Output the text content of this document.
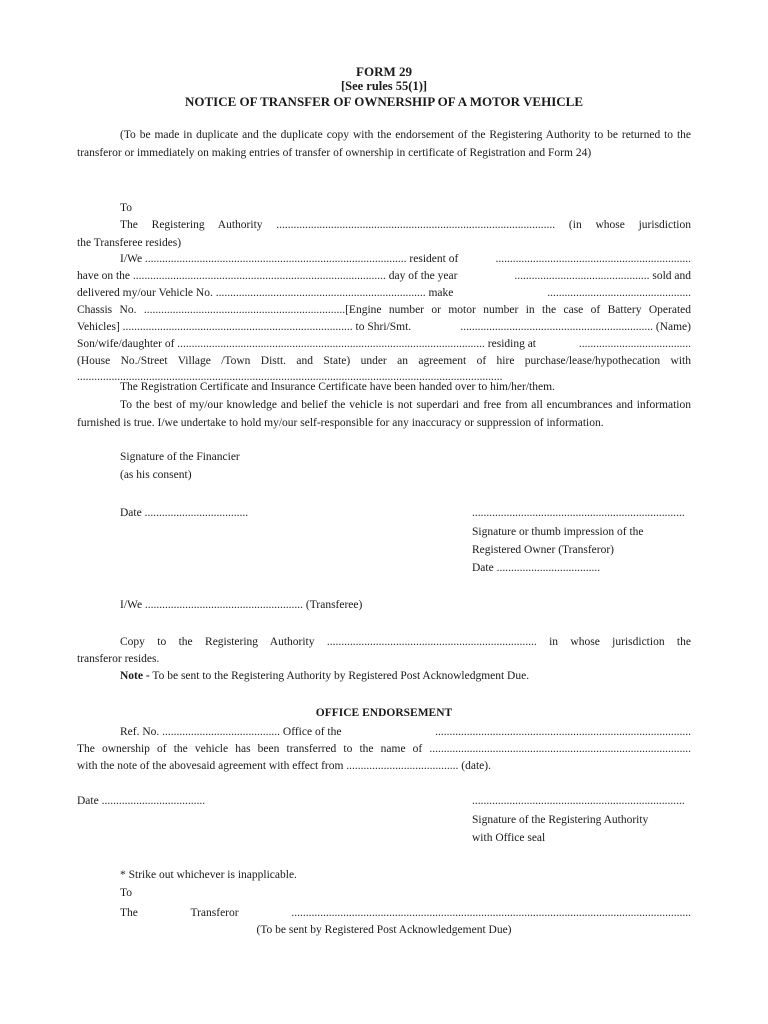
FORM 29
[See rules 55(1)]
NOTICE OF TRANSFER OF OWNERSHIP OF A MOTOR VEHICLE
(To be made in duplicate and the duplicate copy with the endorsement of the Registering Authority to be returned to the transferor or immediately on making entries of transfer of ownership in certificate of Registration and Form 24)
To
The Registering Authority ................................................................................................. (in whose jurisdiction
the Transferee resides)
I/We ........................................................................................... resident of	....................................................................
have on the ........................................................................................ day of the year	............................................... sold and
delivered my/our Vehicle No. ......................................................................... make	..................................................
Chassis No. ......................................................................[Engine number or motor number in the case of Battery Operated
Vehicles] ................................................................................ to Shri/Smt.	................................................................... (Name)
Son/wife/daughter of ........................................................................................................... residing at	.......................................
(House No./Street Village /Town Distt. and State) under an agreement of hire purchase/lease/hypothecation with
....................................................................................................................................................
The Registration Certificate and Insurance Certificate have been handed over to him/her/them.
To the best of my/our knowledge and belief the vehicle is not superdari and free from all encumbrances and information furnished is true. I/we undertake to hold my/our self-responsible for any inaccuracy or suppression of information.
Signature of the Financier
(as his consent)
Date ....................................	..........................................................................
Signature or thumb impression of the
Registered Owner (Transferor)
Date ....................................
I/We ....................................................... (Transferee)
Copy to the Registering Authority ......................................................................... in whose jurisdiction the
transferor resides.
Note - To be sent to the Registering Authority by Registered Post Acknowledgment Due.
OFFICE ENDORSEMENT
Ref. No. ......................................... Office of the	.........................................................................................
The ownership of the vehicle has been transferred to the name of ...........................................................................................
with the note of the abovesaid agreement with effect from ....................................... (date).
Date ....................................	..........................................................................
Signature of the Registering Authority
with Office seal
* Strike out whichever is inapplicable.
To
The Transferor ...........................................................................................................................................
(To be sent by Registered Post Acknowledgement Due)
